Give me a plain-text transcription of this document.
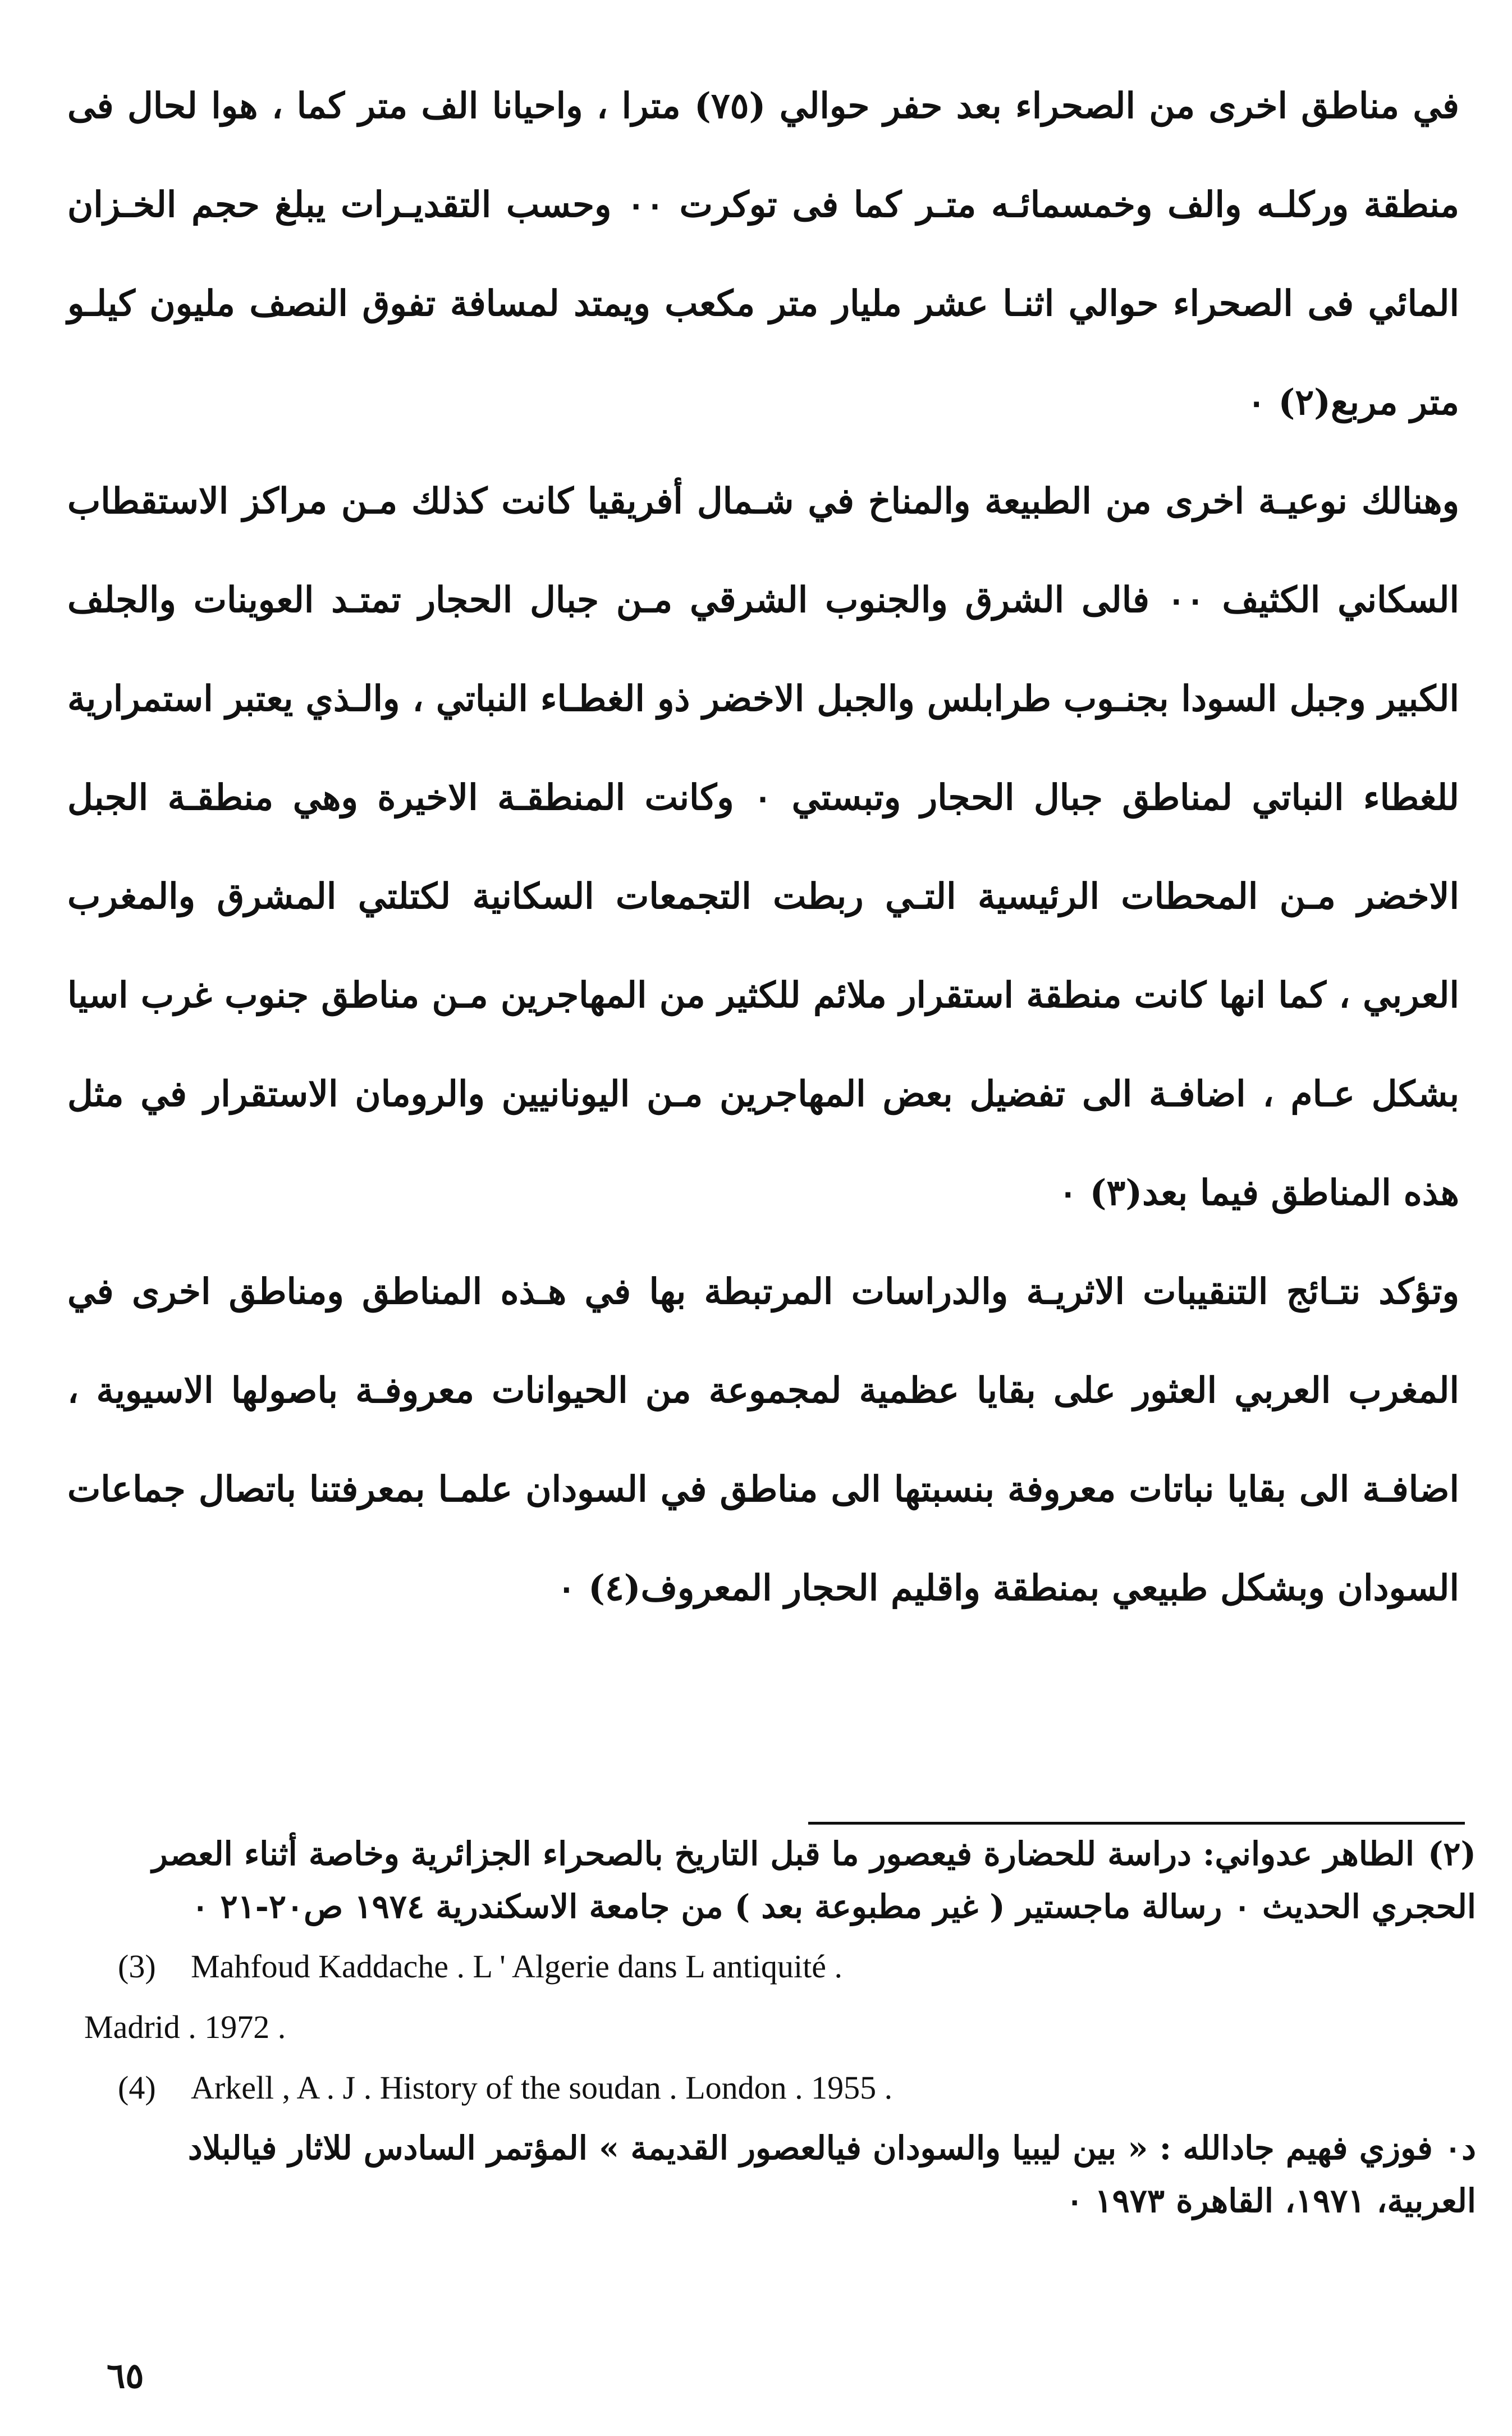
في مناطق اخرى من الصحراء بعد حفر حوالي (٧٥) مترا ، واحيانا الف متر كما ، هوا لحال فى منطقة وركلـه والف وخمسمائـه متـر كما فى توكرت ٠٠ وحسب التقديـرات يبلغ حجم الخـزان المائي فى الصحراء حوالي اثنـا عشر مليار متر مكعب ويمتد لمسافة تفوق النصف مليون كيلـو متر مربع(٢) ٠

وهنالك نوعيـة اخرى من الطبيعة والمناخ في شـمال أفريقيا كانت كذلك مـن مراكز الاستقطاب السكاني الكثيف ٠٠ فالى الشرق والجنوب الشرقي مـن جبال الحجار تمتـد العوينات والجلف الكبير وجبل السودا بجنـوب طرابلس والجبل الاخضر ذو الغطـاء النباتي ، والـذي يعتبر استمرارية للغطاء النباتي لمناطق جبال الحجار وتبستي ٠ وكانت المنطقـة الاخيرة وهي منطقـة الجبل الاخضر مـن المحطات الرئيسية التـي ربطت التجمعات السكانية لكتلتي المشرق والمغرب العربي ، كما انها كانت منطقة استقرار ملائم للكثير من المهاجرين مـن مناطق جنوب غرب اسيا بشكل عـام ، اضافـة الى تفضيل بعض المهاجرين مـن اليونانيين والرومان الاستقرار في مثل هذه المناطق فيما بعد(٣) ٠

وتؤكد نتـائج التنقيبات الاثريـة والدراسات المرتبطة بها في هـذه المناطق ومناطق اخرى في المغرب العربي العثور على بقايا عظمية لمجموعة من الحيوانات معروفـة باصولها الاسيوية ، اضافـة الى بقايا نباتات معروفة بنسبتها الى مناطق في السودان علمـا بمعرفتنا باتصال جماعات السودان وبشكل طبيعي بمنطقة واقليم الحجار المعروف(٤) ٠

(٢)الطاهر عدواني: دراسة للحضارة فيعصور ما قبل التاريخ بالصحراء الجزائرية وخاصة أثناء العصر الحجري الحديث ٠ رسالة ماجستير ( غير مطبوعة بعد ) من جامعة الاسكندرية ١٩٧٤ ص٢٠-٢١ ٠

(3) Mahfoud Kaddache . L ' Algerie dans L antiquité .

Madrid . 1972 .

(4) Arkell , A . J . History of the soudan . London . 1955 .

د٠ فوزي فهيم جادالله : « بين ليبيا والسودان فيالعصور القديمة » المؤتمر السادس للاثار فيالبلاد العربية، ١٩٧١، القاهرة ١٩٧٣ ٠

٦٥
